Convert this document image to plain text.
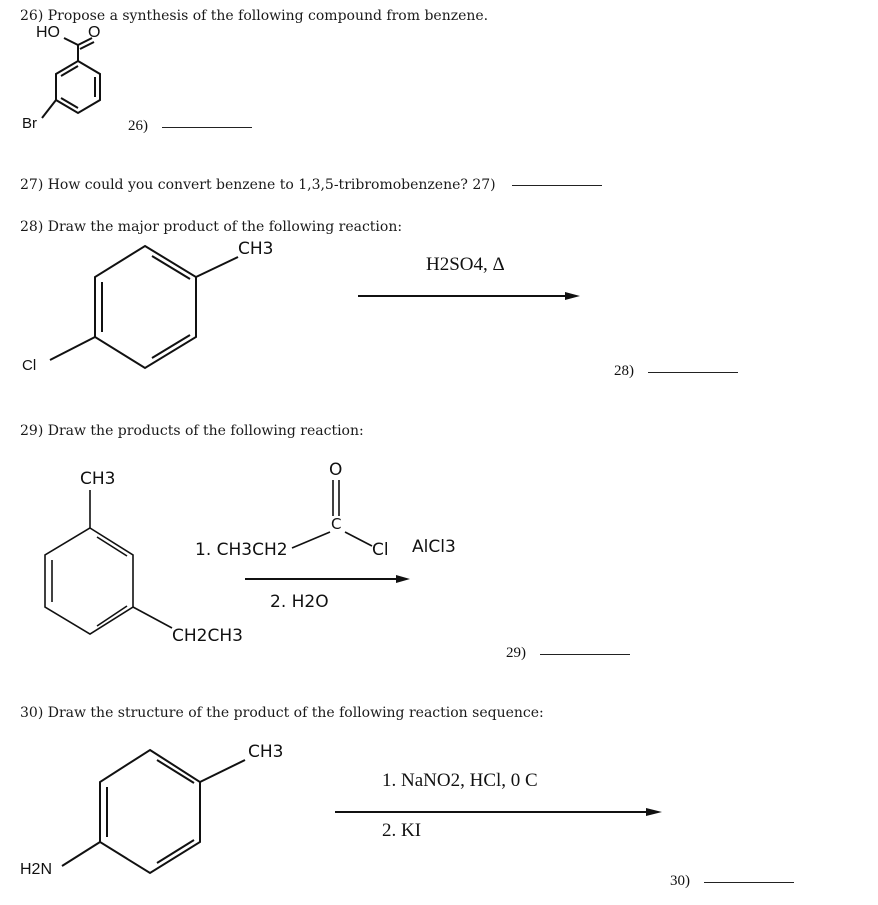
26) Propose a synthesis of the following compound from benzene.
HO O
Br	26)
27) How could you convert benzene to 1,3,5-tribromobenzene? 27)
28) Draw the major product of the following reaction:
CH3
Cl
H2SO4, Δ
28)
29) Draw the products of the following reaction:
CH3
CH2CH3
O
C
1. CH3CH2	Cl AlCl3
2. H2O
29)
30) Draw the structure of the product of the following reaction sequence:
CH3
H2N
1. NaNO2, HCl, 0 C
2. KI
30)
